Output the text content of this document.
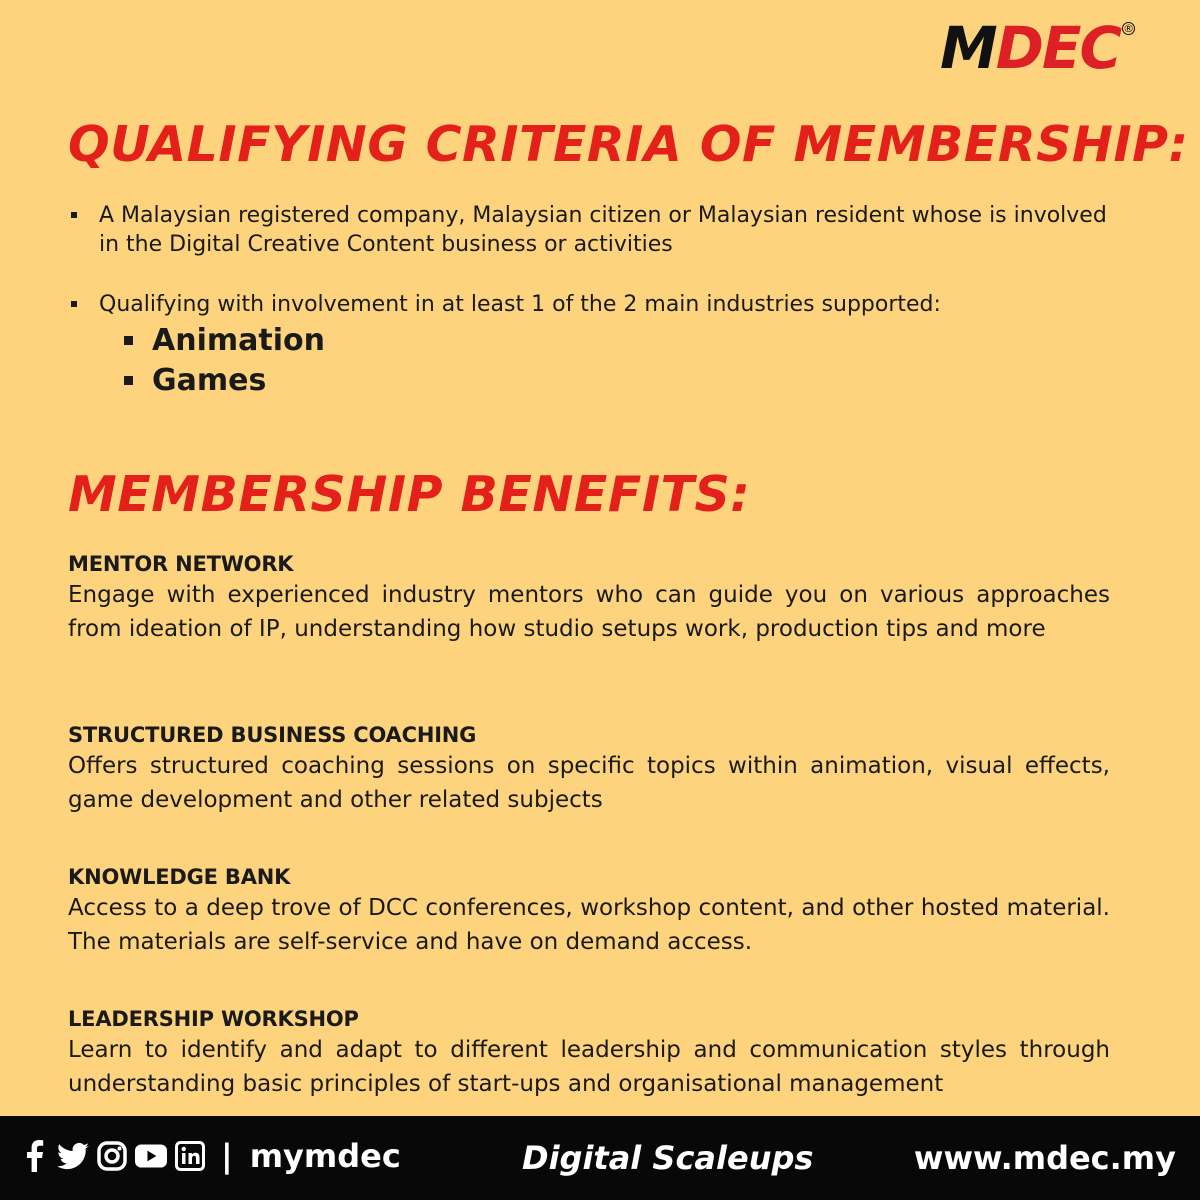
MDEC ®
QUALIFYING CRITERIA OF MEMBERSHIP:
A Malaysian registered company, Malaysian citizen or Malaysian resident whose is involved in the Digital Creative Content business or activities
Qualifying with involvement in at least 1 of the 2 main industries supported:
Animation
Games
MEMBERSHIP BENEFITS:
MENTOR NETWORK
Engage with experienced industry mentors who can guide you on various approaches from ideation of IP, understanding how studio setups work, production tips and more
STRUCTURED BUSINESS COACHING
Offers structured coaching sessions on specific topics within animation, visual effects, game development and other related subjects
KNOWLEDGE BANK
Access to a deep trove of DCC conferences, workshop content, and other hosted material. The materials are self-service and have on demand access.
LEADERSHIP WORKSHOP
Learn to identify and adapt to different leadership and communication styles through understanding basic principles of start-ups and organisational management
| mymdec	Digital Scaleups	www.mdec.my
